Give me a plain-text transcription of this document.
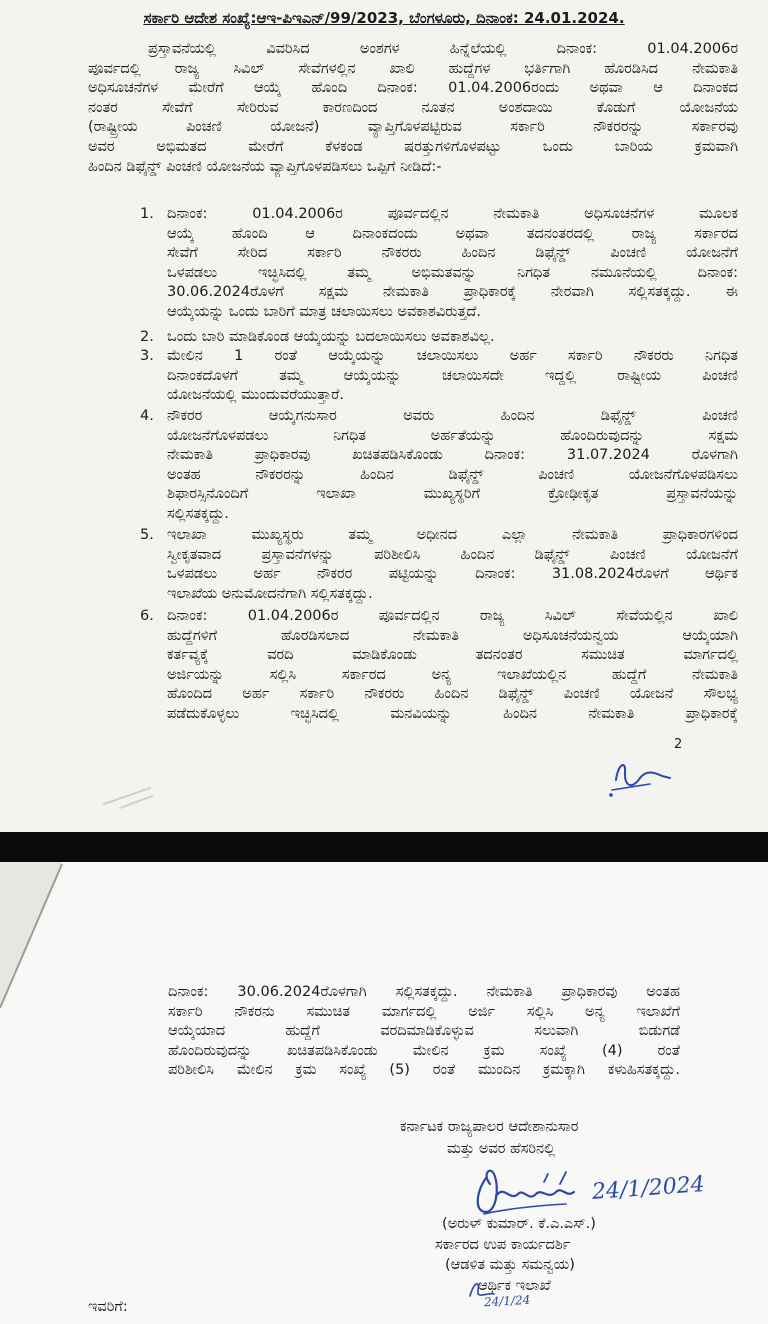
ಸರ್ಕಾರಿ ಆದೇಶ ಸಂಖ್ಯೆ:ಆಇ-ಪಿಇಎನ್/99/2023, ಬೆಂಗಳೂರು, ದಿನಾಂಕ: 24.01.2024.
ಪ್ರಸ್ತಾವನೆಯಲ್ಲಿ ವಿವರಿಸಿದ ಅಂಶಗಳ ಹಿನ್ನೆಲೆಯಲ್ಲಿ ದಿನಾಂಕ: 01.04.2006ರ
ಪೂರ್ವದಲ್ಲಿ ರಾಜ್ಯ ಸಿವಿಲ್ ಸೇವೆಗಳಲ್ಲಿನ ಖಾಲಿ ಹುದ್ದೆಗಳ ಭರ್ತಿಗಾಗಿ ಹೊರಡಿಸಿದ ನೇಮಕಾತಿ
ಅಧಿಸೂಚನೆಗಳ ಮೇರೆಗೆ ಆಯ್ಕೆ ಹೊಂದಿ ದಿನಾಂಕ: 01.04.2006ರಂದು ಅಥವಾ ಆ ದಿನಾಂಕದ
ನಂತರ ಸೇವೆಗೆ ಸೇರಿರುವ ಕಾರಣದಿಂದ ನೂತನ ಅಂಶದಾಯಿ ಕೊಡುಗೆ ಯೋಜನೆಯ
(ರಾಷ್ಟ್ರೀಯ ಪಿಂಚಣಿ ಯೋಜನೆ) ವ್ಯಾಪ್ತಿಗೊಳಪಟ್ಟಿರುವ ಸರ್ಕಾರಿ ನೌಕರರನ್ನು ಸರ್ಕಾರವು
ಅವರ ಅಭಿಮತದ ಮೇರೆಗೆ ಕೆಳಕಂಡ ಷರತ್ತುಗಳಿಗೊಳಪಟ್ಟು ಒಂದು ಬಾರಿಯ ಕ್ರಮವಾಗಿ
ಹಿಂದಿನ ಡಿಫೈನ್ಡ್ ಪಿಂಚಣಿ ಯೋಜನೆಯ ವ್ಯಾಪ್ತಿಗೊಳಪಡಿಸಲು ಒಪ್ಪಿಗೆ ನೀಡಿದೆ:-
1. ದಿನಾಂಕ: 01.04.2006ರ ಪೂರ್ವದಲ್ಲಿನ ನೇಮಕಾತಿ ಅಧಿಸೂಚನೆಗಳ ಮೂಲಕ
ಆಯ್ಕೆ ಹೊಂದಿ ಆ ದಿನಾಂಕದಂದು ಅಥವಾ ತದನಂತರದಲ್ಲಿ ರಾಜ್ಯ ಸರ್ಕಾರದ
ಸೇವೆಗೆ ಸೇರಿದ ಸರ್ಕಾರಿ ನೌಕರರು ಹಿಂದಿನ ಡಿಫೈನ್ಡ್ ಪಿಂಚಣಿ ಯೋಜನೆಗೆ
ಒಳಪಡಲು ಇಚ್ಛಿಸಿದಲ್ಲಿ ತಮ್ಮ ಅಭಿಮತವನ್ನು ನಿಗಧಿತ ನಮೂನೆಯಲ್ಲಿ ದಿನಾಂಕ:
30.06.2024ರೊಳಗೆ ಸಕ್ಷಮ ನೇಮಕಾತಿ ಪ್ರಾಧಿಕಾರಕ್ಕೆ ನೇರವಾಗಿ ಸಲ್ಲಿಸತಕ್ಕದ್ದು. ಈ
ಆಯ್ಕೆಯನ್ನು ಒಂದು ಬಾರಿಗೆ ಮಾತ್ರ ಚಲಾಯಿಸಲು ಅವಕಾಶವಿರುತ್ತದೆ.
2. ಒಂದು ಬಾರಿ ಮಾಡಿಕೊಂಡ ಆಯ್ಕೆಯನ್ನು ಬದಲಾಯಿಸಲು ಅವಕಾಶವಿಲ್ಲ.
3. ಮೇಲಿನ 1 ರಂತೆ ಆಯ್ಕೆಯನ್ನು ಚಲಾಯಿಸಲು ಅರ್ಹ ಸರ್ಕಾರಿ ನೌಕರರು ನಿಗಧಿತ
ದಿನಾಂಕದೊಳಗೆ ತಮ್ಮ ಆಯ್ಕೆಯನ್ನು ಚಲಾಯಿಸದೇ ಇದ್ದಲ್ಲಿ ರಾಷ್ಟ್ರೀಯ ಪಿಂಚಣಿ
ಯೋಜನೆಯಲ್ಲಿ ಮುಂದುವರೆಯುತ್ತಾರೆ.
4. ನೌಕರರ ಆಯ್ಕೆಗನುಸಾರ ಅವರು ಹಿಂದಿನ ಡಿಫೈನ್ಡ್ ಪಿಂಚಣಿ
ಯೋಜನೆಗೊಳಪಡಲು ನಿಗಧಿತ ಅರ್ಹತೆಯನ್ನು ಹೊಂದಿರುವುದನ್ನು ಸಕ್ಷಮ
ನೇಮಕಾತಿ ಪ್ರಾಧಿಕಾರವು ಖಚಿತಪಡಿಸಿಕೊಂಡು ದಿನಾಂಕ: 31.07.2024 ರೊಳಗಾಗಿ
ಅಂತಹ ನೌಕರರನ್ನು ಹಿಂದಿನ ಡಿಫೈನ್ಡ್ ಪಿಂಚಣಿ ಯೋಜನೆಗೊಳಪಡಿಸಲು
ಶಿಫಾರಸ್ಸಿನೊಂದಿಗೆ ಇಲಾಖಾ ಮುಖ್ಯಸ್ಥರಿಗೆ ಕ್ರೋಢೀಕೃತ ಪ್ರಸ್ತಾವನೆಯನ್ನು
ಸಲ್ಲಿಸತಕ್ಕದ್ದು.
5. ಇಲಾಖಾ ಮುಖ್ಯಸ್ಥರು ತಮ್ಮ ಅಧೀನದ ಎಲ್ಲಾ ನೇಮಕಾತಿ ಪ್ರಾಧಿಕಾರಗಳಿಂದ
ಸ್ವೀಕೃತವಾದ ಪ್ರಸ್ತಾವನೆಗಳನ್ನು ಪರಿಶೀಲಿಸಿ ಹಿಂದಿನ ಡಿಫೈನ್ಡ್ ಪಿಂಚಣಿ ಯೋಜನೆಗೆ
ಒಳಪಡಲು ಅರ್ಹ ನೌಕರರ ಪಟ್ಟಿಯನ್ನು ದಿನಾಂಕ: 31.08.2024ರೊಳಗೆ ಆರ್ಥಿಕ
ಇಲಾಖೆಯ ಅನುಮೋದನೆಗಾಗಿ ಸಲ್ಲಿಸತಕ್ಕದ್ದು.
6. ದಿನಾಂಕ: 01.04.2006ರ ಪೂರ್ವದಲ್ಲಿನ ರಾಜ್ಯ ಸಿವಿಲ್ ಸೇವೆಯಲ್ಲಿನ ಖಾಲಿ
ಹುದ್ದೆಗಳಿಗೆ ಹೊರಡಿಸಲಾದ ನೇಮಕಾತಿ ಅಧಿಸೂಚನೆಯನ್ವಯ ಆಯ್ಕೆಯಾಗಿ
ಕರ್ತವ್ಯಕ್ಕೆ ವರದಿ ಮಾಡಿಕೊಂಡು ತದನಂತರ ಸಮುಚಿತ ಮಾರ್ಗದಲ್ಲಿ
ಅರ್ಜಿಯನ್ನು ಸಲ್ಲಿಸಿ ಸರ್ಕಾರದ ಅನ್ಯ ಇಲಾಖೆಯಲ್ಲಿನ ಹುದ್ದೆಗೆ ನೇಮಕಾತಿ
ಹೊಂದಿದ ಅರ್ಹ ಸರ್ಕಾರಿ ನೌಕರರು ಹಿಂದಿನ ಡಿಫೈನ್ಡ್ ಪಿಂಚಣಿ ಯೋಜನೆ ಸೌಲಭ್ಯ
ಪಡೆದುಕೊಳ್ಳಲು ಇಚ್ಛಿಸಿದಲ್ಲಿ ಮನವಿಯನ್ನು ಹಿಂದಿನ ನೇಮಕಾತಿ ಪ್ರಾಧಿಕಾರಕ್ಕೆ
2
ದಿನಾಂಕ: 30.06.2024ರೊಳಗಾಗಿ ಸಲ್ಲಿಸತಕ್ಕದ್ದು. ನೇಮಕಾತಿ ಪ್ರಾಧಿಕಾರವು ಅಂತಹ
ಸರ್ಕಾರಿ ನೌಕರನು ಸಮುಚಿತ ಮಾರ್ಗದಲ್ಲಿ ಅರ್ಜಿ ಸಲ್ಲಿಸಿ ಅನ್ಯ ಇಲಾಖೆಗೆ
ಆಯ್ಕೆಯಾದ ಹುದ್ದೆಗೆ ವರದಿಮಾಡಿಕೊಳ್ಳುವ ಸಲುವಾಗಿ ಬಿಡುಗಡೆ
ಹೊಂದಿರುವುದನ್ನು ಖಚಿತಪಡಿಸಿಕೊಂಡು ಮೇಲಿನ ಕ್ರಮ ಸಂಖ್ಯೆ (4) ರಂತೆ
ಪರಿಶೀಲಿಸಿ ಮೇಲಿನ ಕ್ರಮ ಸಂಖ್ಯೆ (5) ರಂತೆ ಮುಂದಿನ ಕ್ರಮಕ್ಕಾಗಿ ಕಳುಹಿಸತಕ್ಕದ್ದು.
ಕರ್ನಾಟಕ ರಾಜ್ಯಪಾಲರ ಆದೇಶಾನುಸಾರ
ಮತ್ತು ಅವರ ಹೆಸರಿನಲ್ಲಿ
24/1/2024
(ಅರುಳ್ ಕುಮಾರ್. ಕೆ.ಎ.ಎಸ್.)
ಸರ್ಕಾರದ ಉಪ ಕಾರ್ಯದರ್ಶಿ
(ಆಡಳಿತ ಮತ್ತು ಸಮನ್ವಯ)
ಆರ್ಥಿಕ ಇಲಾಖೆ
24/1/24
ಇವರಿಗೆ:
